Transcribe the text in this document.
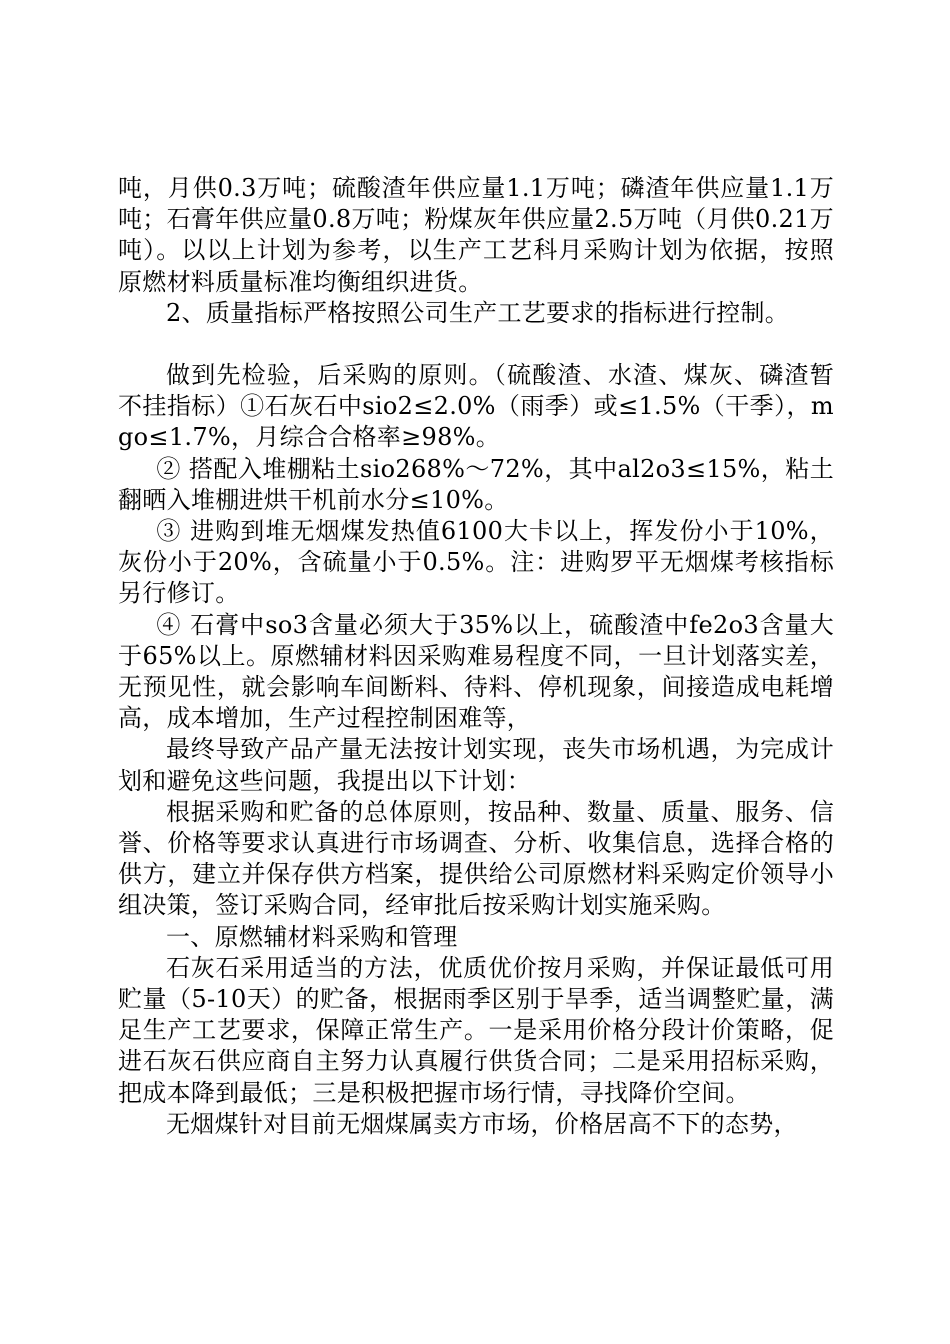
吨，月供0.3万吨；硫酸渣年供应量1.1万吨；磷渣年供应量1.1万吨；石膏年供应量0.8万吨；粉煤灰年供应量2.5万吨（月供0.21万吨）。以以上计划为参考，以生产工艺科月采购计划为依据，按照原燃材料质量标准均衡组织进货。

2、质量指标严格按照公司生产工艺要求的指标进行控制。

做到先检验，后采购的原则。（硫酸渣、水渣、煤灰、磷渣暂不挂指标）①石灰石中sio2≤2.0%（雨季）或≤1.5%（干季），mgo≤1.7%，月综合合格率≥98%。

② 搭配入堆棚粘土sio268%～72%，其中al2o3≤15%，粘土翻晒入堆棚进烘干机前水分≤10%。

③ 进购到堆无烟煤发热值6100大卡以上，挥发份小于10%，灰份小于20%，含硫量小于0.5%。注：进购罗平无烟煤考核指标另行修订。

④ 石膏中so3含量必须大于35%以上，硫酸渣中fe2o3含量大于65%以上。原燃辅材料因采购难易程度不同，一旦计划落实差，无预见性，就会影响车间断料、待料、停机现象，间接造成电耗增高，成本增加，生产过程控制困难等，

最终导致产品产量无法按计划实现，丧失市场机遇，为完成计划和避免这些问题，我提出以下计划：

根据采购和贮备的总体原则，按品种、数量、质量、服务、信誉、价格等要求认真进行市场调查、分析、收集信息，选择合格的供方，建立并保存供方档案，提供给公司原燃材料采购定价领导小组决策，签订采购合同，经审批后按采购计划实施采购。

一、原燃辅材料采购和管理

石灰石采用适当的方法，优质优价按月采购，并保证最低可用贮量（5-10天）的贮备，根据雨季区别于旱季，适当调整贮量，满足生产工艺要求，保障正常生产。一是采用价格分段计价策略，促进石灰石供应商自主努力认真履行供货合同；二是采用招标采购，把成本降到最低；三是积极把握市场行情，寻找降价空间。

无烟煤针对目前无烟煤属卖方市场，价格居高不下的态势，
